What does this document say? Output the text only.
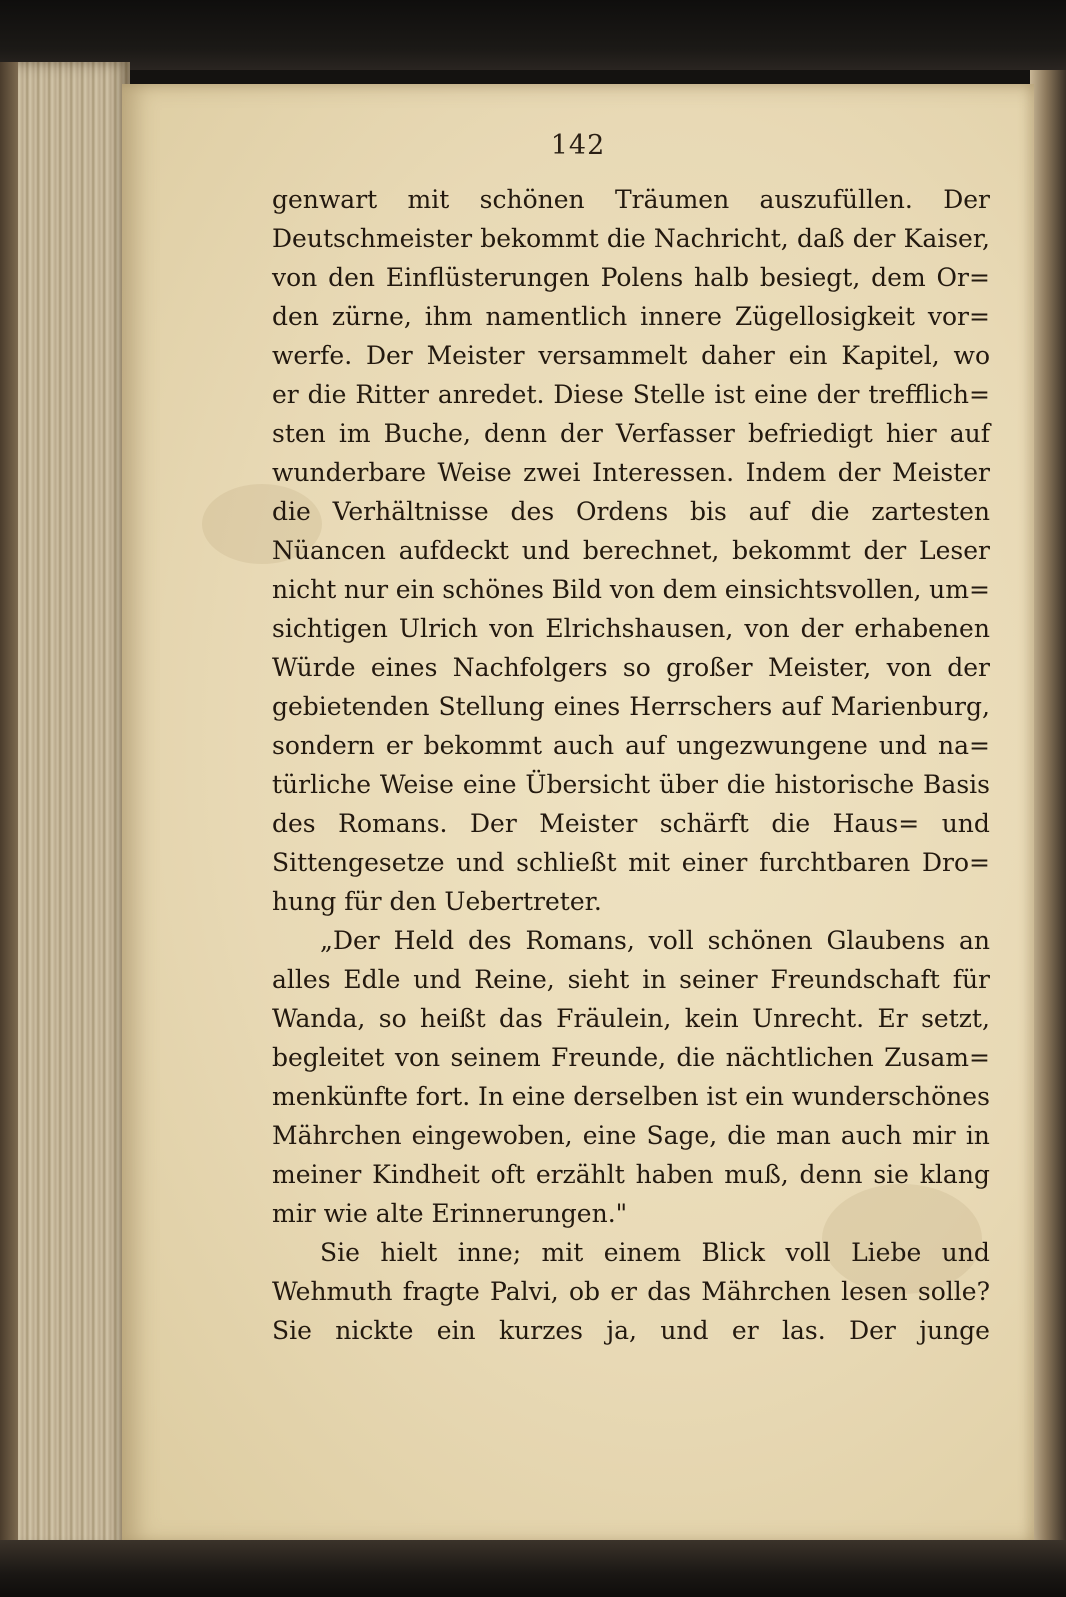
142
genwart mit schönen Träumen auszufüllen. Der
Deutschmeister bekommt die Nachricht, daß der Kaiser,
von den Einflüsterungen Polens halb besiegt, dem Or=
den zürne, ihm namentlich innere Zügellosigkeit vor=
werfe. Der Meister versammelt daher ein Kapitel, wo
er die Ritter anredet. Diese Stelle ist eine der trefflich=
sten im Buche, denn der Verfasser befriedigt hier auf
wunderbare Weise zwei Interessen. Indem der Meister
die Verhältnisse des Ordens bis auf die zartesten
Nüancen aufdeckt und berechnet, bekommt der Leser
nicht nur ein schönes Bild von dem einsichtsvollen, um=
sichtigen Ulrich von Elrichshausen, von der erhabenen
Würde eines Nachfolgers so großer Meister, von der
gebietenden Stellung eines Herrschers auf Marienburg,
sondern er bekommt auch auf ungezwungene und na=
türliche Weise eine Übersicht über die historische Basis
des Romans. Der Meister schärft die Haus= und
Sittengesetze und schließt mit einer furchtbaren Dro=
hung für den Uebertreter.
„Der Held des Romans, voll schönen Glaubens an
alles Edle und Reine, sieht in seiner Freundschaft für
Wanda, so heißt das Fräulein, kein Unrecht. Er setzt,
begleitet von seinem Freunde, die nächtlichen Zusam=
menkünfte fort. In eine derselben ist ein wunderschönes
Mährchen eingewoben, eine Sage, die man auch mir in
meiner Kindheit oft erzählt haben muß, denn sie klang
mir wie alte Erinnerungen."
Sie hielt inne; mit einem Blick voll Liebe und
Wehmuth fragte Palvi, ob er das Mährchen lesen solle?
Sie nickte ein kurzes ja, und er las. Der junge
